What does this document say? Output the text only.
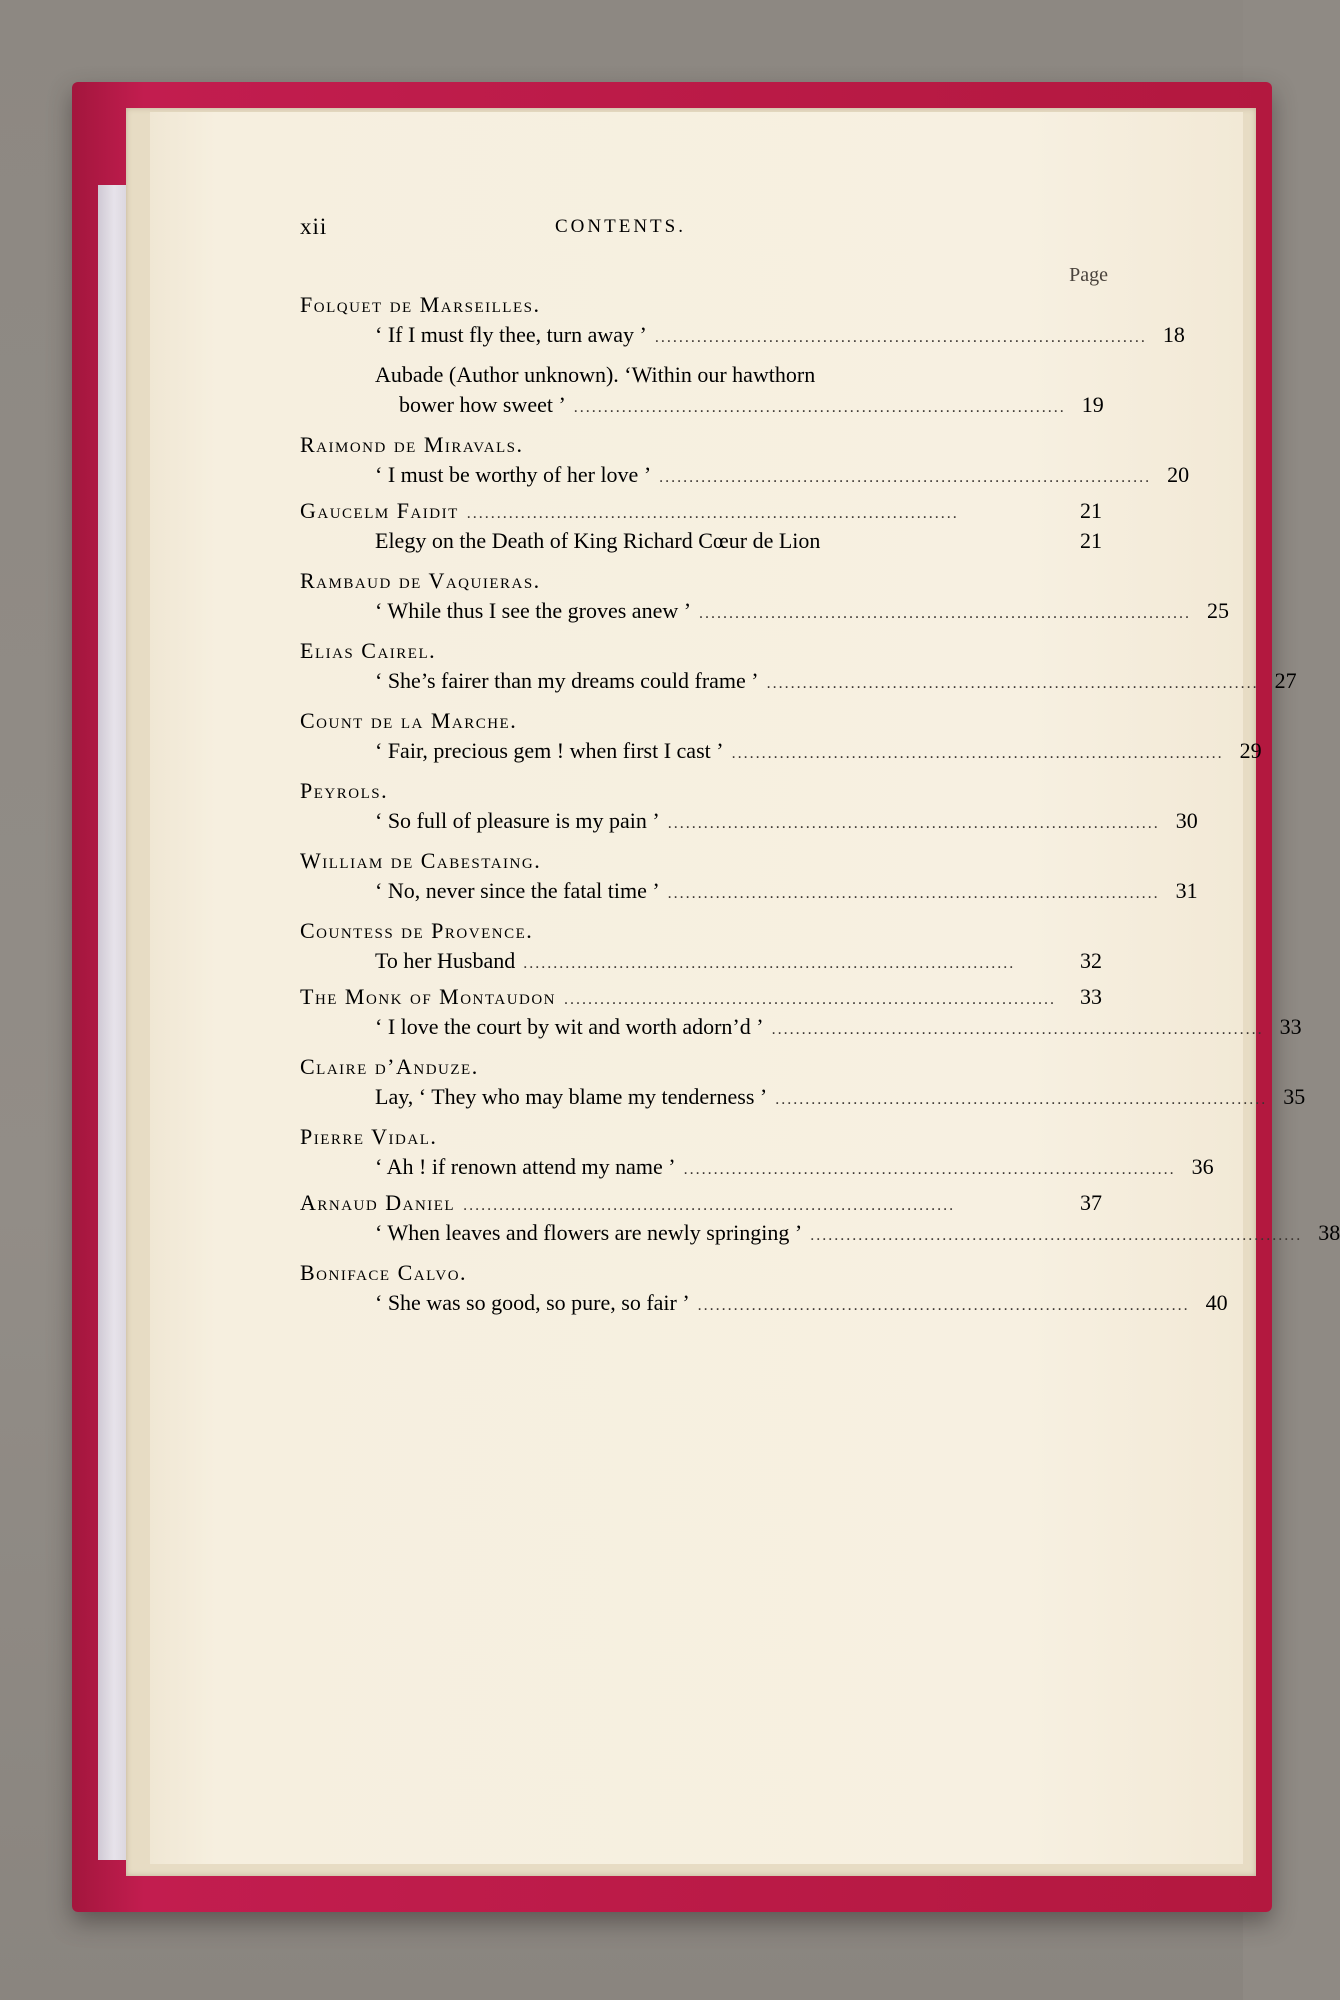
xii	CONTENTS.
Page
Folquet de Marseilles.
‘ If I must fly thee, turn away ’ .................................................................................. 18
Aubade (Author unknown). ‘Within our hawthorn
bower how sweet ’ .................................................................................. 19
Raimond de Miravals.
‘ I must be worthy of her love ’ .................................................................................. 20
Gaucelm Faidit ..................................................................................	21
Elegy on the Death of King Richard Cœur de Lion	21
Rambaud de Vaquieras.
‘ While thus I see the groves anew ’ .................................................................................. 25
Elias Cairel.
‘ She’s fairer than my dreams could frame ’ .................................................................................. 27
Count de la Marche.
‘ Fair, precious gem ! when first I cast ’ .................................................................................. 29
Peyrols.
‘ So full of pleasure is my pain ’ .................................................................................. 30
William de Cabestaing.
‘ No, never since the fatal time ’ .................................................................................. 31
Countess de Provence.
To her Husband ..................................................................................	32
The Monk of Montaudon ..................................................................................	33
‘ I love the court by wit and worth adorn’d ’ .................................................................................. 33
Claire d’Anduze.
Lay, ‘ They who may blame my tenderness ’ .................................................................................. 35
Pierre Vidal.
‘ Ah ! if renown attend my name ’ .................................................................................. 36
Arnaud Daniel ..................................................................................	37
‘ When leaves and flowers are newly springing ’ .................................................................................. 38
Boniface Calvo.
‘ She was so good, so pure, so fair ’ .................................................................................. 40
